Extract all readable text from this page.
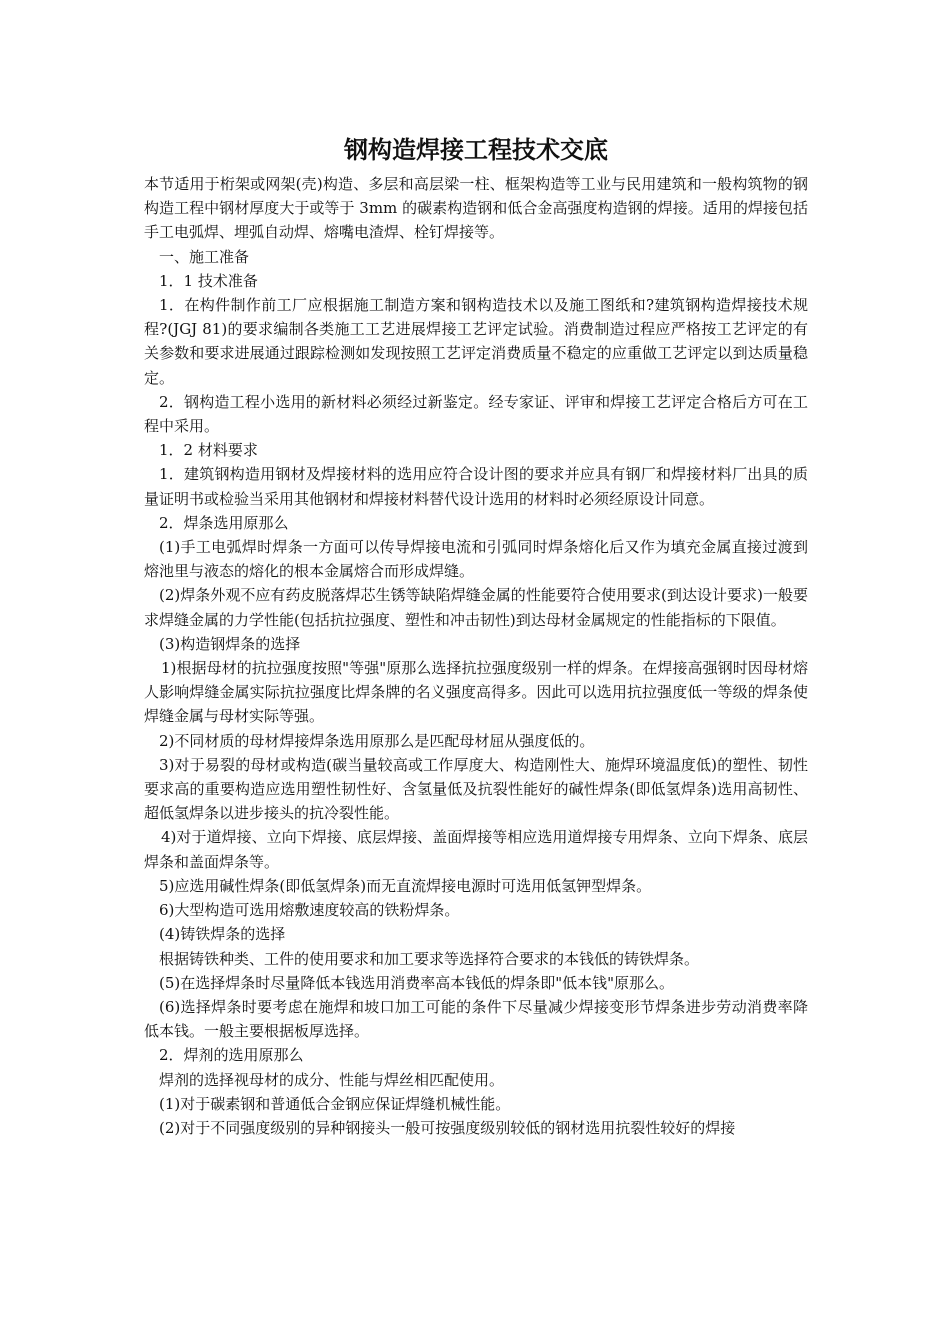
钢构造焊接工程技术交底

本节适用于桁架或网架(壳)构造、多层和高层梁一柱、框架构造等工业与民用建筑和一般构筑物的钢构造工程中钢材厚度大于或等于 3mm 的碳素构造钢和低合金高强度构造钢的焊接。适用的焊接包括手工电弧焊、埋弧自动焊、熔嘴电渣焊、栓钉焊接等。

一、施工准备

1．1 技术准备

1．在构件制作前工厂应根据施工制造方案和钢构造技术以及施工图纸和?建筑钢构造焊接技术规程?(JGJ 81)的要求编制各类施工工艺进展焊接工艺评定试验。消费制造过程应严格按工艺评定的有关参数和要求进展通过跟踪检测如发现按照工艺评定消费质量不稳定的应重做工艺评定以到达质量稳定。

2．钢构造工程小选用的新材料必须经过新鉴定。经专家证、评审和焊接工艺评定合格后方可在工程中采用。

1．2 材料要求

1．建筑钢构造用钢材及焊接材料的选用应符合设计图的要求并应具有钢厂和焊接材料厂出具的质量证明书或检验当采用其他钢材和焊接材料替代设计选用的材料时必须经原设计同意。

2．焊条选用原那么

(1)手工电弧焊时焊条一方面可以传导焊接电流和引弧同时焊条熔化后又作为填充金属直接过渡到熔池里与液态的熔化的根本金属熔合而形成焊缝。

(2)焊条外观不应有药皮脱落焊芯生锈等缺陷焊缝金属的性能要符合使用要求(到达设计要求)一般要求焊缝金属的力学性能(包括抗拉强度、塑性和冲击韧性)到达母材金属规定的性能指标的下限值。

(3)构造钢焊条的选择

1)根据母材的抗拉强度按照"等强"原那么选择抗拉强度级别一样的焊条。在焊接高强钢时因母材熔人影响焊缝金属实际抗拉强度比焊条牌的名义强度高得多。因此可以选用抗拉强度低一等级的焊条使焊缝金属与母材实际等强。

2)不同材质的母材焊接焊条选用原那么是匹配母材屈从强度低的。

3)对于易裂的母材或构造(碳当量较高或工作厚度大、构造刚性大、施焊环境温度低)的塑性、韧性要求高的重要构造应选用塑性韧性好、含氢量低及抗裂性能好的碱性焊条(即低氢焊条)选用高韧性、超低氢焊条以进步接头的抗冷裂性能。

4)对于道焊接、立向下焊接、底层焊接、盖面焊接等相应选用道焊接专用焊条、立向下焊条、底层焊条和盖面焊条等。

5)应选用碱性焊条(即低氢焊条)而无直流焊接电源时可选用低氢钾型焊条。

6)大型构造可选用熔敷速度较高的铁粉焊条。

(4)铸铁焊条的选择

根据铸铁种类、工件的使用要求和加工要求等选择符合要求的本钱低的铸铁焊条。

(5)在选择焊条时尽量降低本钱选用消费率高本钱低的焊条即"低本钱"原那么。

(6)选择焊条时要考虑在施焊和坡口加工可能的条件下尽量减少焊接变形节焊条进步劳动消费率降低本钱。一般主要根据板厚选择。

2．焊剂的选用原那么

焊剂的选择视母材的成分、性能与焊丝相匹配使用。

(1)对于碳素钢和普通低合金钢应保证焊缝机械性能。

(2)对于不同强度级别的异种钢接头一般可按强度级别较低的钢材选用抗裂性较好的焊接
